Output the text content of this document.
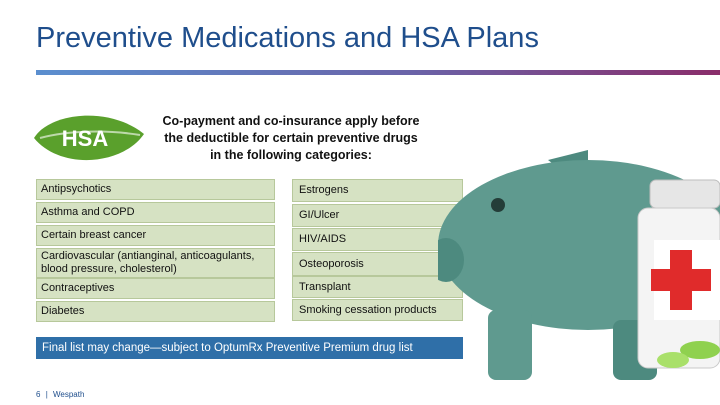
Preventive Medications and HSA Plans
HSA
Co-payment and co-insurance apply before
the deductible for certain preventive drugs
in the following categories:
Antipsychotics
Asthma and COPD
Certain breast cancer
Cardiovascular (antianginal, anticoagulants, blood pressure, cholesterol)
Contraceptives
Diabetes
Estrogens
GI/Ulcer
HIV/AIDS
Osteoporosis
Transplant
Smoking cessation products
Final list may change—subject to OptumRx Preventive Premium drug list
6 | Wespath
